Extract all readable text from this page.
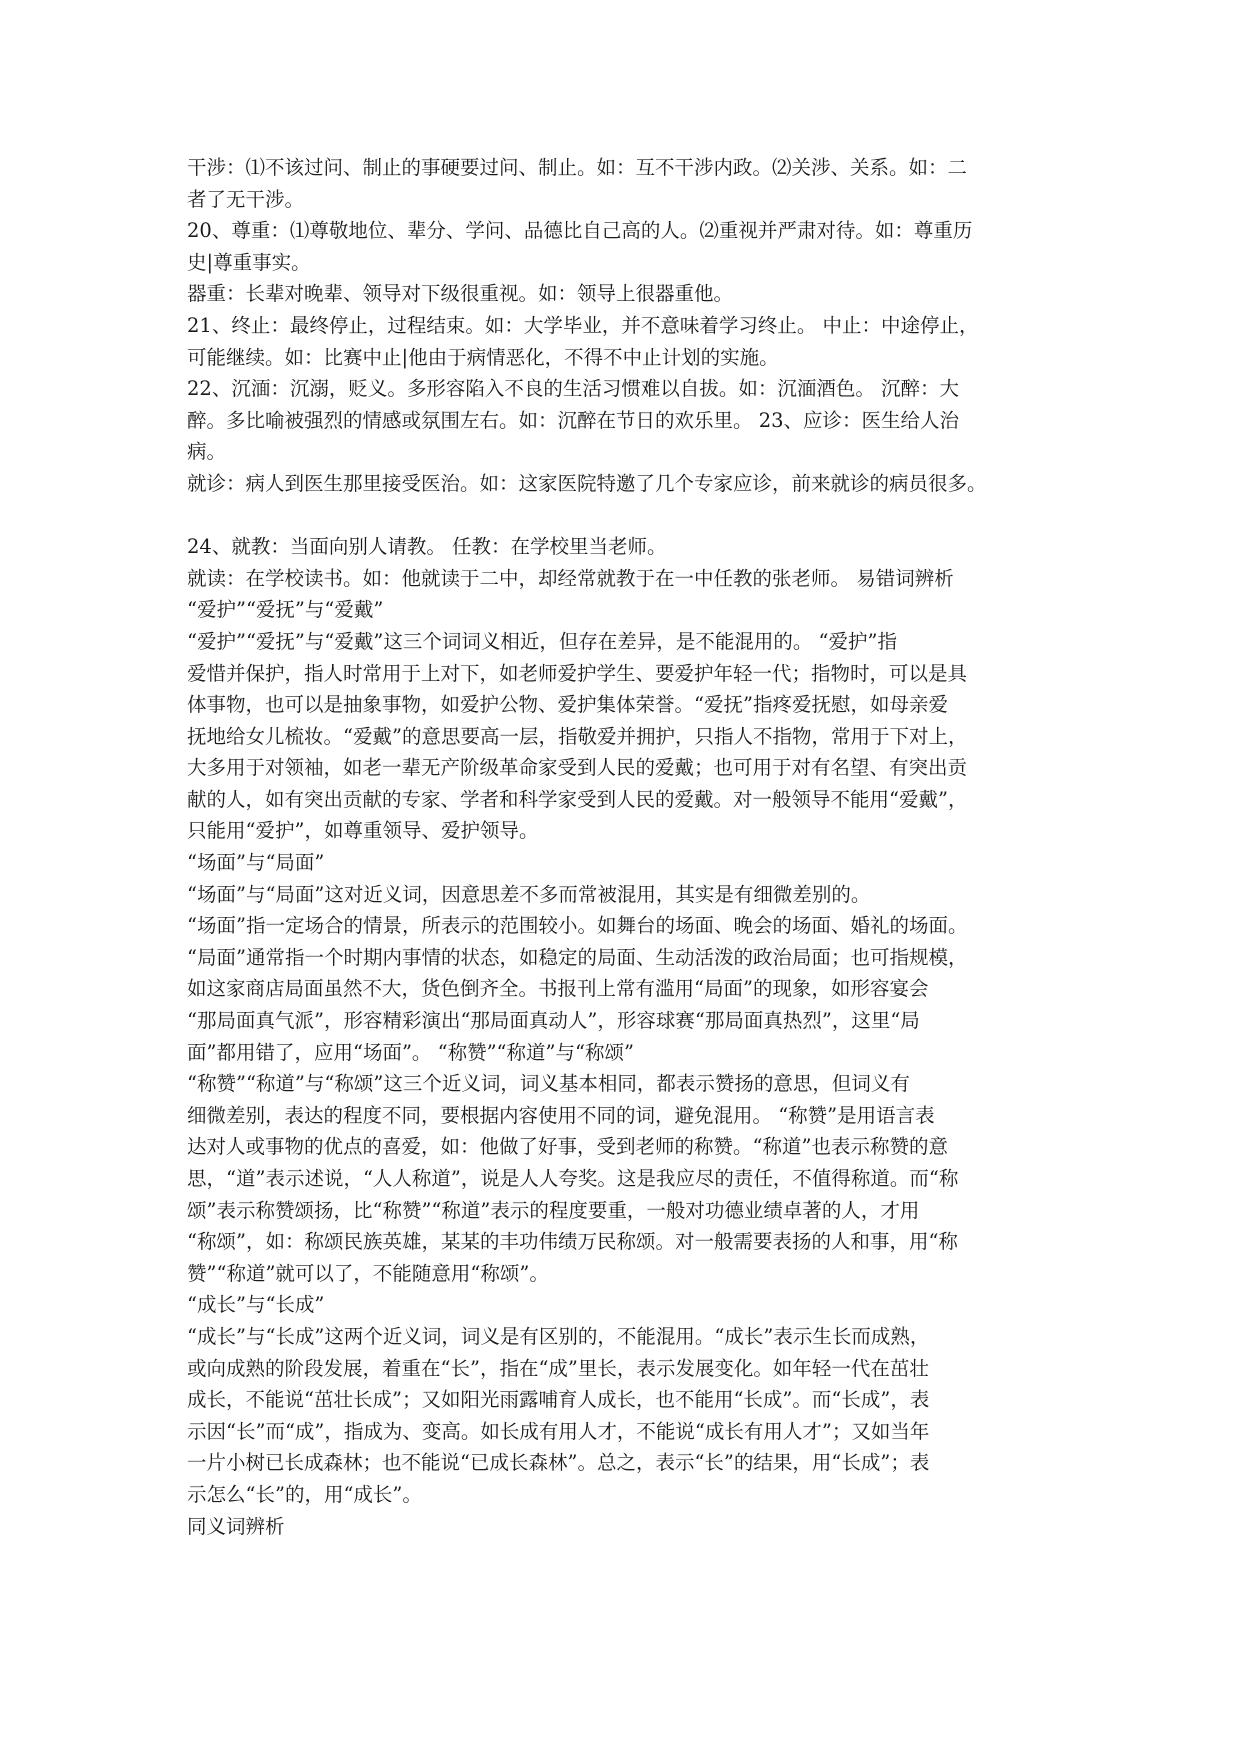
干涉：⑴不该过问、制止的事硬要过问、制止。如：互不干涉内政。⑵关涉、关系。如：二
者了无干涉。
20、尊重：⑴尊敬地位、辈分、学问、品德比自己高的人。⑵重视并严肃对待。如：尊重历
史|尊重事实。
器重：长辈对晚辈、领导对下级很重视。如：领导上很器重他。
21、终止：最终停止，过程结束。如：大学毕业，并不意味着学习终止。 中止：中途停止，
可能继续。如：比赛中止|他由于病情恶化，不得不中止计划的实施。
22、沉湎：沉溺，贬义。多形容陷入不良的生活习惯难以自拔。如：沉湎酒色。 沉醉：大
醉。多比喻被强烈的情感或氛围左右。如：沉醉在节日的欢乐里。 23、应诊：医生给人治
病。
就诊：病人到医生那里接受医治。如：这家医院特邀了几个专家应诊，前来就诊的病员很多。
24、就教：当面向别人请教。 任教：在学校里当老师。
就读：在学校读书。如：他就读于二中，却经常就教于在一中任教的张老师。 易错词辨析
“爱护”“爱抚”与“爱戴”
“爱护”“爱抚”与“爱戴”这三个词词义相近，但存在差异，是不能混用的。 “爱护”指
爱惜并保护，指人时常用于上对下，如老师爱护学生、要爱护年轻一代；指物时，可以是具
体事物，也可以是抽象事物，如爱护公物、爱护集体荣誉。“爱抚”指疼爱抚慰，如母亲爱
抚地给女儿梳妆。“爱戴”的意思要高一层，指敬爱并拥护，只指人不指物，常用于下对上，
大多用于对领袖，如老一辈无产阶级革命家受到人民的爱戴；也可用于对有名望、有突出贡
献的人，如有突出贡献的专家、学者和科学家受到人民的爱戴。对一般领导不能用“爱戴”，
只能用“爱护”，如尊重领导、爱护领导。
“场面”与“局面”
“场面”与“局面”这对近义词，因意思差不多而常被混用，其实是有细微差别的。
“场面”指一定场合的情景，所表示的范围较小。如舞台的场面、晚会的场面、婚礼的场面。
“局面”通常指一个时期内事情的状态，如稳定的局面、生动活泼的政治局面；也可指规模，
如这家商店局面虽然不大，货色倒齐全。书报刊上常有滥用“局面”的现象，如形容宴会
“那局面真气派”，形容精彩演出“那局面真动人”，形容球赛“那局面真热烈”，这里“局
面”都用错了，应用“场面”。 “称赞”“称道”与“称颂”
“称赞”“称道”与“称颂”这三个近义词，词义基本相同，都表示赞扬的意思，但词义有
细微差别，表达的程度不同，要根据内容使用不同的词，避免混用。 “称赞”是用语言表
达对人或事物的优点的喜爱，如：他做了好事，受到老师的称赞。“称道”也表示称赞的意
思，“道”表示述说，“人人称道”，说是人人夸奖。这是我应尽的责任，不值得称道。而“称
颂”表示称赞颂扬，比“称赞”“称道”表示的程度要重，一般对功德业绩卓著的人，才用
“称颂”，如：称颂民族英雄，某某的丰功伟绩万民称颂。对一般需要表扬的人和事，用“称
赞”“称道”就可以了，不能随意用“称颂”。
“成长”与“长成”
“成长”与“长成”这两个近义词，词义是有区别的，不能混用。“成长”表示生长而成熟，
或向成熟的阶段发展，着重在“长”，指在“成”里长，表示发展变化。如年轻一代在茁壮
成长，不能说“茁壮长成”；又如阳光雨露哺育人成长，也不能用“长成”。而“长成”，表
示因“长”而“成”，指成为、变高。如长成有用人才，不能说“成长有用人才”；又如当年
一片小树已长成森林；也不能说“已成长森林”。总之，表示“长”的结果，用“长成”；表
示怎么“长”的，用“成长”。
同义词辨析
